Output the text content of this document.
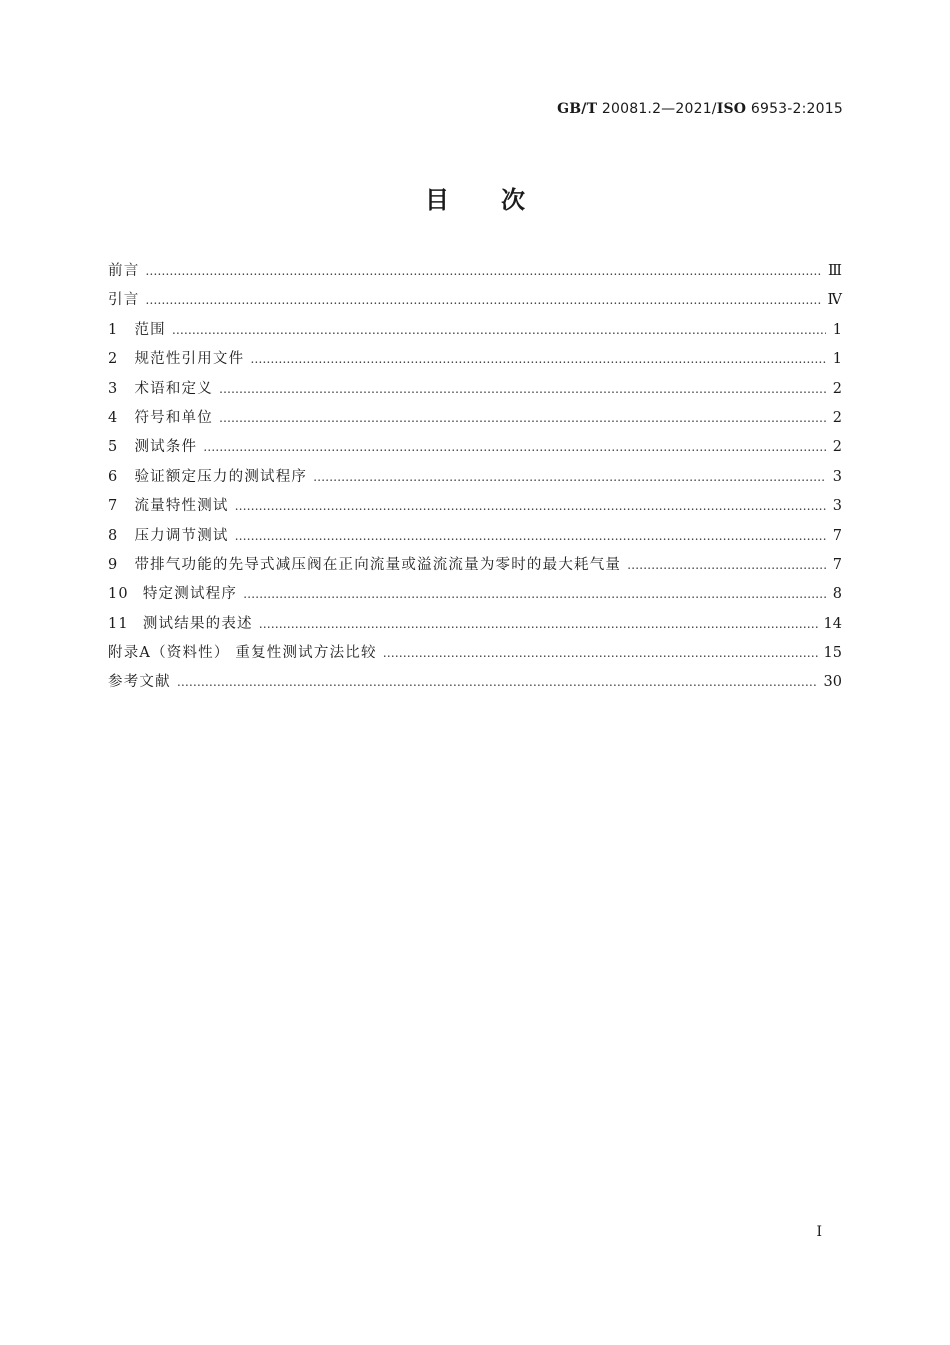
GB/T 20081.2—2021/ISO 6953-2:2015
目次
前言 ………………………………………………………………………………………………………………………………………………………………………………………………………………………………………………	Ⅲ
引言 ………………………………………………………………………………………………………………………………………………………………………………………………………………………………………………	Ⅳ
1 范围 ………………………………………………………………………………………………………………………………………………………………………………………………………………………………………………	1
2 规范性引用文件 ………………………………………………………………………………………………………………………………………………………………………………………………………………………………………………	1
3 术语和定义 ………………………………………………………………………………………………………………………………………………………………………………………………………………………………………………	2
4 符号和单位 ………………………………………………………………………………………………………………………………………………………………………………………………………………………………………………	2
5 测试条件 ………………………………………………………………………………………………………………………………………………………………………………………………………………………………………………	2
6 验证额定压力的测试程序 ………………………………………………………………………………………………………………………………………………………………………………………………………………………………………………	3
7 流量特性测试 ………………………………………………………………………………………………………………………………………………………………………………………………………………………………………………	3
8 压力调节测试 ………………………………………………………………………………………………………………………………………………………………………………………………………………………………………………	7
9 带排气功能的先导式减压阀在正向流量或溢流流量为零时的最大耗气量 ………………………………………………………………………………………………………………………………………………………………………………………………………………………………………………	7
10 特定测试程序 ………………………………………………………………………………………………………………………………………………………………………………………………………………………………………………	8
11 测试结果的表述 ………………………………………………………………………………………………………………………………………………………………………………………………………………………………………………	14
附录A（资料性） 重复性测试方法比较 ………………………………………………………………………………………………………………………………………………………………………………………………………………………………………………	15
参考文献 ………………………………………………………………………………………………………………………………………………………………………………………………………………………………………………	30
I
